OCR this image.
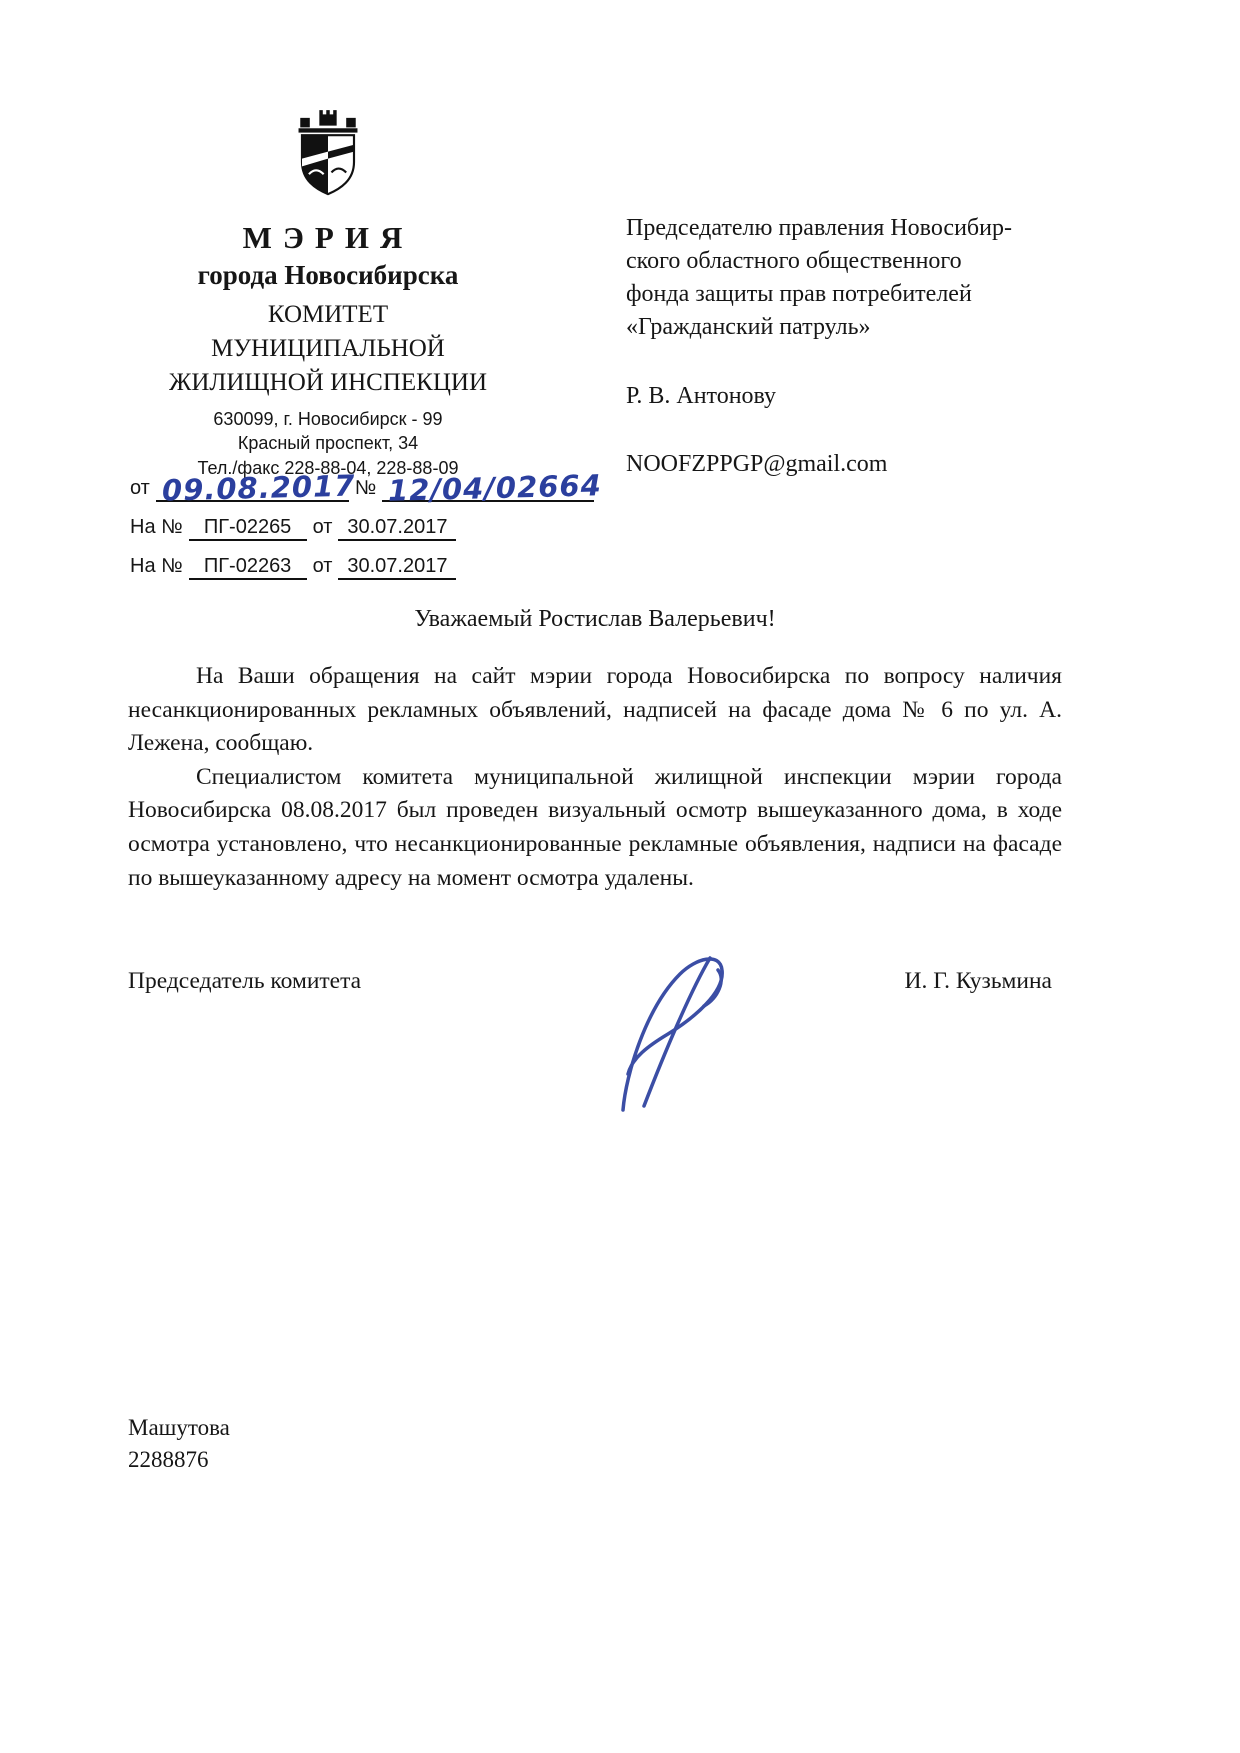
МЭРИЯ
города Новосибирска
КОМИТЕТ
МУНИЦИПАЛЬНОЙ
ЖИЛИЩНОЙ ИНСПЕКЦИИ
630099, г. Новосибирск - 99
Красный проспект, 34
Тел./факс 228-88-04, 228-88-09
от 09.08.2017
№ 12/04/02664
На №	ПГ-02265	от 30.07.2017
На №	ПГ-02263	от 30.07.2017
Председателю правления Новосибир-
ского областного общественного
фонда защиты прав потребителей
«Гражданский патруль»
Р. В. Антонову
NOOFZPPGP@gmail.com
Уважаемый Ростислав Валерьевич!

На Ваши обращения на сайт мэрии города Новосибирска по вопросу наличия несанкционированных рекламных объявлений, надписей на фасаде дома № 6 по ул. А. Лежена, сообщаю.

Специалистом комитета муниципальной жилищной инспекции мэрии города Новосибирска 08.08.2017 был проведен визуальный осмотр вышеуказанного дома, в ходе осмотра установлено, что несанкционированные рекламные объявления, надписи на фасаде по вышеуказанному адресу на момент осмотра удалены.

Председатель комитета	И. Г. Кузьмина
Машутова
2288876
